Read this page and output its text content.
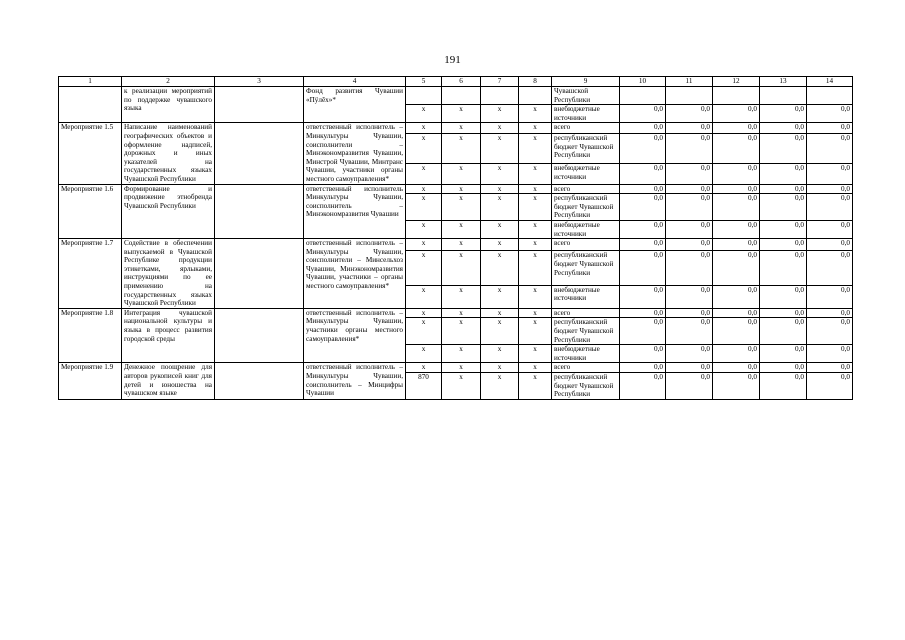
191
1	2	3	4	5	6	7	8	9	10	11	12	13	14
	к реализации мероприятий по поддержке чувашского языка		Фонд развития Чувашии «Пÿлĕх»*					Чувашской Республики					
				x	x	x	x	внебюджетные источники	0,0	0,0	0,0	0,0	0,0
Мероприятие 1.5	Написание наименований географических объектов и оформление надписей, дорожных и иных указателей на государственных языках Чувашской Республики		ответственный исполнитель – Минкультуры Чувашии, соисполнители – Минэкономразвития Чувашии, Минстрой Чувашии, Минтранс Чувашии, участники органы местного самоуправления*	x	x	x	x	всего	0,0	0,0	0,0	0,0	0,0
				x	x	x	x	республиканский бюджет Чувашской Республики	0,0	0,0	0,0	0,0	0,0
				x	x	x	x	внебюджетные источники	0,0	0,0	0,0	0,0	0,0
Мероприятие 1.6	Формирование и продвижение этнобренда Чувашской Республики		ответственный исполнитель Минкультуры Чувашии, соисполнитель – Минэкономразвития Чувашии	x	x	x	x	всего	0,0	0,0	0,0	0,0	0,0
				x	x	x	x	республиканский бюджет Чувашской Республики	0,0	0,0	0,0	0,0	0,0
				x	x	x	x	внебюджетные источники	0,0	0,0	0,0	0,0	0,0
Мероприятие 1.7	Содействие в обеспечении выпускаемой в Чувашской Республике продукции этикетками, ярлыками, инструкциями по ее применению на государственных языках Чувашской Республики		ответственный исполнитель – Минкультуры Чувашии, соисполнители – Минсельхоз Чувашии, Минэкономразвития Чувашии, участники – органы местного самоуправления*	x	x	x	x	всего	0,0	0,0	0,0	0,0	0,0
				x	x	x	x	республиканский бюджет Чувашской Республики	0,0	0,0	0,0	0,0	0,0
				x	x	x	x	внебюджетные источники	0,0	0,0	0,0	0,0	0,0
Мероприятие 1.8	Интеграция чувашской национальной культуры и языка в процесс развития городской среды		ответственный исполнитель – Минкультуры Чувашии, участники органы местного самоуправления*	x	x	x	x	всего	0,0	0,0	0,0	0,0	0,0
				x	x	x	x	республиканский бюджет Чувашской Республики	0,0	0,0	0,0	0,0	0,0
				x	x	x	x	внебюджетные источники	0,0	0,0	0,0	0,0	0,0
Мероприятие 1.9	Денежное поощрение для авторов рукописей книг для детей и юношества на чувашском языке		ответственный исполнитель – Минкультуры Чувашии, соисполнитель – Минцифры Чувашии	x	x	x	x	всего	0,0	0,0	0,0	0,0	0,0
				870	x	x	x	республиканский бюджет Чувашской Республики	0,0	0,0	0,0	0,0	0,0
